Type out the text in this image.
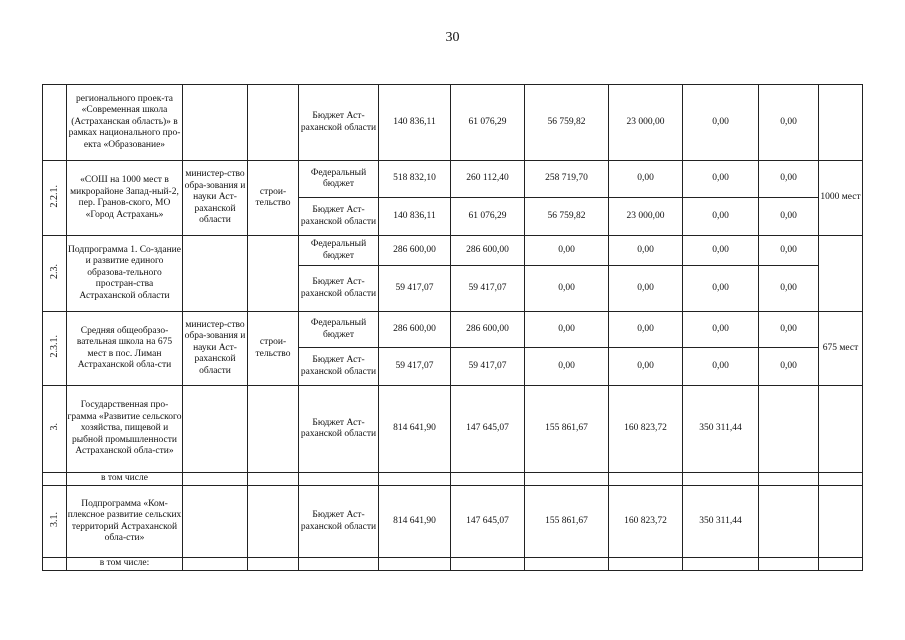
30
	регионального проек-та «Современная школа (Астраханская область)» в рамках национального про-екта «Образование»			Бюджет Аст-раханской области	140 836,11	61 076,29	56 759,82	23 000,00	0,00	0,00	
2.2.1.	«СОШ на 1000 мест в микрорайоне Запад-ный-2, пер. Гранов-ского, МО «Город Астрахань»	министер-ство обра-зования и науки Аст-раханской области	строи-тельство	Федеральный бюджет	518 832,10	260 112,40	258 719,70	0,00	0,00	0,00	1000 мест
				Бюджет Аст-раханской области	140 836,11	61 076,29	56 759,82	23 000,00	0,00	0,00	
2.3.	Подпрограмма 1. Со-здание и развитие единого образова-тельного простран-ства Астраханской области			Федеральный бюджет	286 600,00	286 600,00	0,00	0,00	0,00	0,00	
				Бюджет Аст-раханской области	59 417,07	59 417,07	0,00	0,00	0,00	0,00	
2.3.1.	Средняя общеобразо-вательная школа на 675 мест в пос. Лиман Астраханской обла-сти	министер-ство обра-зования и науки Аст-раханской области	строи-тельство	Федеральный бюджет	286 600,00	286 600,00	0,00	0,00	0,00	0,00	675 мест
				Бюджет Аст-раханской области	59 417,07	59 417,07	0,00	0,00	0,00	0,00	
3.	Государственная про-грамма «Развитие сельского хозяйства, пищевой и рыбной промышленности Астраханской обла-сти»			Бюджет Аст-раханской области	814 641,90	147 645,07	155 861,67	160 823,72	350 311,44		
	в том числе										
3.1.	Подпрограмма «Ком-плексное развитие сельских территорий Астраханской обла-сти»			Бюджет Аст-раханской области	814 641,90	147 645,07	155 861,67	160 823,72	350 311,44		
	в том числе:										
